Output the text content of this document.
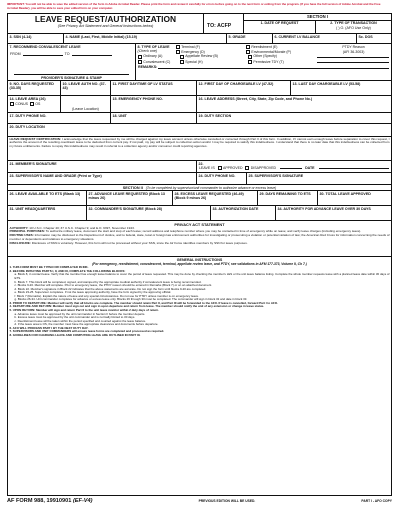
IMPORTANT: You will not be able to save the edited version of the form in Adobe Acrobat Reader. Please print the form and review it carefully for errors before going on to the next form or exiting from the program. (If you have the full version of Adobe Acrobat and the Free Acrobat Reader), you will be able to save your edited form on your computer.
LEAVE REQUEST/AUTHORIZATION
(See Privacy Act Statement and General Instructions below)	TO: ACFP
SECTION I
1. DATE OF REQUEST	2. TYPE OF TRANSACTION
( ) O. (AFO Use Only)
3. SSN (4-14)	4. NAME (Last, First, Middle Initial) (15-19)	5. GRADE	6. CURRENT LV BALANCE	Sc. DOS
7. RECOMMEND CONVALESCENT LEAVE
FROM	TO
PROVIDER'S SIGNATURE & STAMP
8. TYPE OF LEAVE
(Check one)
Terminal (F)	Reenlistment (E)	PTDY Reason
Emergency (D)	Environmental/Morale (P)	(AFI 36-3003)
Ordinary (A)	Appellate Review (B)	Other (Specify)
Convalescent (C)	Special (H)	Permissive TDY (T)
REMARKS:
9. NO. DAYS REQUESTED (33-35)
10. LEAVE AUTH NO. (37-43)
11. FIRST DAY/TIME OF LV STATUS	12. FIRST DAY OF CHARGEABLE LV (47-52)	13. LAST DAY CHARGEABLE LV (53-58)
14. LEAVE AREA (26)
CONUS OS
(Leave Location)
15. EMERGENCY PHONE NO.	16. LEAVE ADDRESS (Street, City, State, Zip Code, and Phone No.)
17. DUTY PHONE NO.	18. UNIT	19. DUTY SECTION
20. DUTY LOCATION
LEAVE REQUEST CERTIFICATION: I acknowledge that the leave requested by me will be charged against my leave account unless otherwise cancelled or corrected through Part II of this form. In addition, if I cannot earn enough leave before separation to cover this request, I authorize the amount of the resulting overdrawn leave to be deducted from current pay. If not paid, my pay will be subject to collection action and/or I may be required to satisfy this indebtedness. I understand that there is no later date that this indebtedness can be collected from my future entitlements. Failure to repay this indebtedness may result in referral to a collection agency and/or consumer credit reporting agencies.
21. MEMBER'S SIGNATURE	22.
LEAVE IS APPROVED DISAPPROVED	DATE
23. SUPERVISOR'S NAME AND GRADE (Print or Type)	24. DUTY PHONE NO.	25. SUPERVISOR'S SIGNATURE
SECTION II (To be completed by supervisor/unit commander to authorize advance or excess leave)
26. LEAVE AVAILABLE TO ETS (Blank 13)	27. ADVANCE LEAVE REQUESTED (Block 13 minus 26)
28. EXCESS LEAVE REQUESTED (46-49) (Block 9 minus 26)
29. DAYS REMAINING TO ETS	30. TOTAL LEAVE APPROVED
31. UNIT HEADQUARTERS	32. COMMANDER'S SIGNATURE (Block 28)	33. AUTHORIZATION DATE	34. AUTHORITY FOR ADVANCE LEAVE OVER 30 DAYS
PRIVACY ACT STATEMENT
AUTHORITY: 10 U.S.C. Chapter 40; 37 U.S.C. Chapter 9; and E.O. 9397, November 1943.
PRINCIPAL PURPOSES: To authorize military leave, document the start and stop of each leave; record address and telephone number where you may be contacted in time of emergency while on leave; and verify leave charges (including emergency leave).
ROUTINE USES: Information may be disclosed to the Department of Justice, and to federal, state, local or foreign law enforcement authorities for investigating or prosecuting a violation or potential violation of law; the American Red Cross for information concerning the needs of member or dependents and relatives to emergency situations.
DISCLOSURE: Disclosure of SSN is voluntary. However, this form will not be processed without your SSN, since the Air Force identifies members by SSN for leave purposes.
GENERAL INSTRUCTIONS
(For emergency, reenlistment, convalescent, terminal, appellate review leave, and PTDY, see validations in AFM 177-373, Volume II, Ch 7.)
1. THIS FORM MUST BE TYPED OR COMPLETED IN INK.
2. BEFORE INITIATING PARTS I, II, AND III, COMPLETE THE FOLLOWING BLOCKS:
a. Block 8, in contact leave. Verify that the member has enough leave balance to cover the period of leave requested. This may be done by checking the member's LES or the unit leave balance listing. Complete the whole member requests leave with a planned leave date within 30 days of ETS.
b. Block 7. This block will be completed, signed, and stamped by the appropriate medical authority if convalescent leave is being recommended.
c. Blocks 9-20. Member will complete. Prior to emergency leave, the PTDY reason should be entered in Remarks (Block 7) or on an attached document.
d. Block 22. Member's signature in Block 22 indicates that the above statements are accurate. Do not sign the form until blocks 9-20 are completed.
e. Block 23-25. Supervisor completes. If not the leave approving authority, have the form signed by the approving official.
f. Block 7 (Remarks). Explain the nature of leave and any special circumstances. Do not use for PTDY unless member is on emergency leave.
g. Blocks 26-34. Unit commander completes for advance or excess leave only. Blocks 26 through 30 must be completed. The commander will sign in block 32 and date in block 33.
3. PRIOR TO DEPARTURE: Member will verify that all blocks are complete. The member should retain Part II, and Part III will be forwarded to the AFO. If leave is cancelled, forward Part I to AFO.
4. DEPARTURE AND RETURN: Member must sign out and sign in upon departure and return from leave. The member should notify the unit of any extension or change in leave status.
5. UPON RETURN: Member will sign and return Part II to the unit leave monitor within 2 duty days of return.
a. Advance leave must be approved by the unit commander in Section II before the member departs.
b. Excess leave must be approved by the unit commander and is normally limited to 30 days.
c. Reenlistment leave will be taken within the period specified and counted against the leave balance.
d. If the leave area is OS, the member must have the appropriate clearances and documents before departure.
6. AFO WILL PROCESS PART I BY THE NEXT DUTY DAY.
7. SUPERVISORS AND UNIT COMMANDERS will ensure leave forms are completed and processed as required.
8. GUIDELINES FOR CHARGING LEAVE AND COMPUTING LEAVE ARE OUTLINED IN PART III.
AF FORM 988, 19910901 (EF-V4)	PREVIOUS EDITION WILL BE USED.	PART I - AFO COPY
